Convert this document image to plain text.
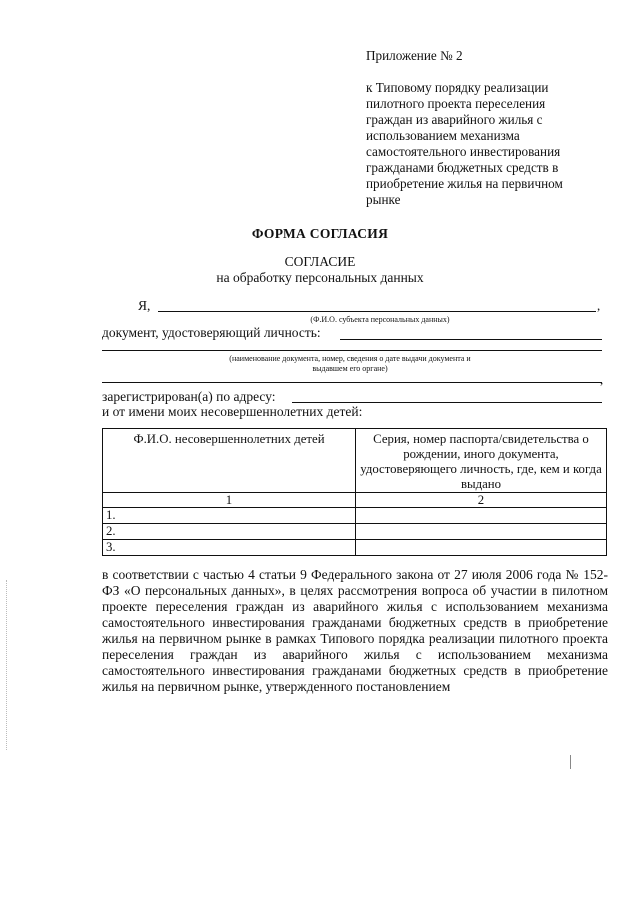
Приложение № 2
к Типовому порядку реализации
пилотного проекта переселения
граждан из аварийного жилья с
использованием механизма
самостоятельного инвестирования
гражданами бюджетных средств в
приобретение жилья на первичном
рынке
ФОРМА СОГЛАСИЯ
СОГЛАСИЕ
на обработку персональных данных
Я,	,
(Ф.И.О. субъекта персональных данных)
документ, удостоверяющий личность:
(наименование документа, номер, сведения о дате выдачи документа и
выдавшем его органе)
,
зарегистрирован(а) по адресу:
и от имени моих несовершеннолетних детей:
Ф.И.О. несовершеннолетних детей	Серия, номер паспорта/свидетельства о рождении, иного документа, удостоверяющего личность, где, кем и когда выдано
1	2
1.	
2.	
3.	
в соответствии с частью 4 статьи 9 Федерального закона от 27 июля 2006 года № 152-ФЗ «О персональных данных», в целях рассмотрения вопроса об участии в пилотном проекте переселения граждан из аварийного жилья с использованием механизма самостоятельного инвестирования гражданами бюджетных средств в приобретение жилья на первичном рынке в рамках Типового порядка реализации пилотного проекта переселения граждан из аварийного жилья с использованием механизма самостоятельного инвестирования гражданами бюджетных средств в приобретение жилья на первичном рынке, утвержденного постановлением
